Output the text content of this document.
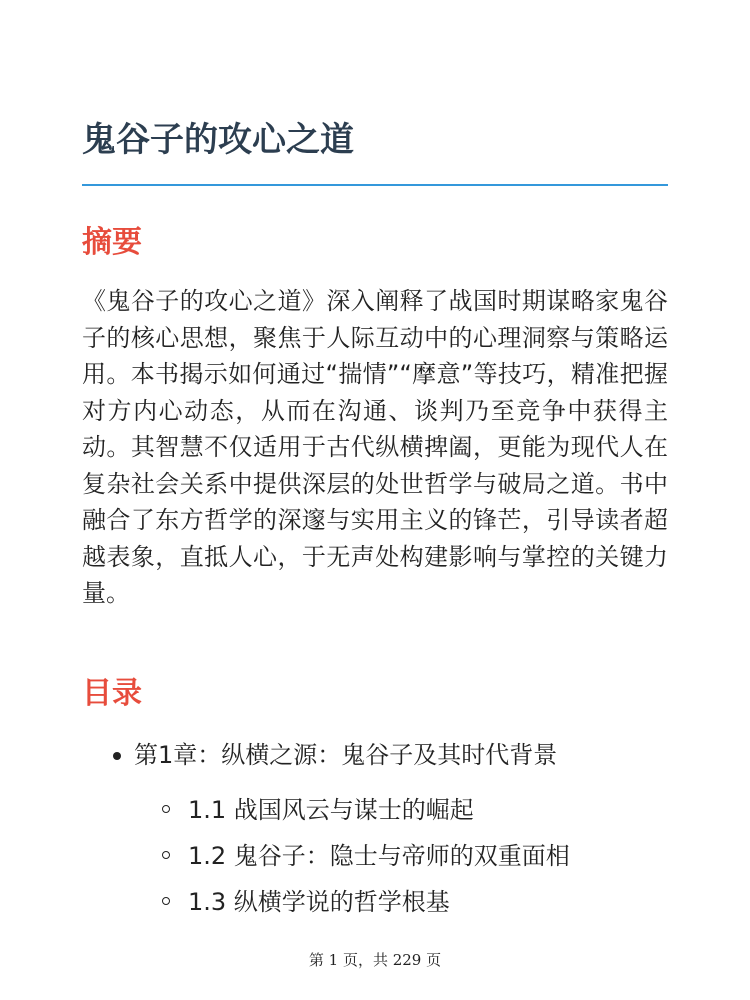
鬼谷子的攻心之道
摘要

《鬼谷子的攻心之道》深入阐释了战国时期谋略家鬼谷子的核心思想，聚焦于人际互动中的心理洞察与策略运用。本书揭示如何通过“揣情”“摩意”等技巧，精准把握对方内心动态，从而在沟通、谈判乃至竞争中获得主动。其智慧不仅适用于古代纵横捭阖，更能为现代人在复杂社会关系中提供深层的处世哲学与破局之道。书中融合了东方哲学的深邃与实用主义的锋芒，引导读者超越表象，直抵人心，于无声处构建影响与掌控的关键力量。

目录
第1章：纵横之源：鬼谷子及其时代背景
1.1 战国风云与谋士的崛起
1.2 鬼谷子：隐士与帝师的双重面相
1.3 纵横学说的哲学根基
第 1 页，共 229 页
